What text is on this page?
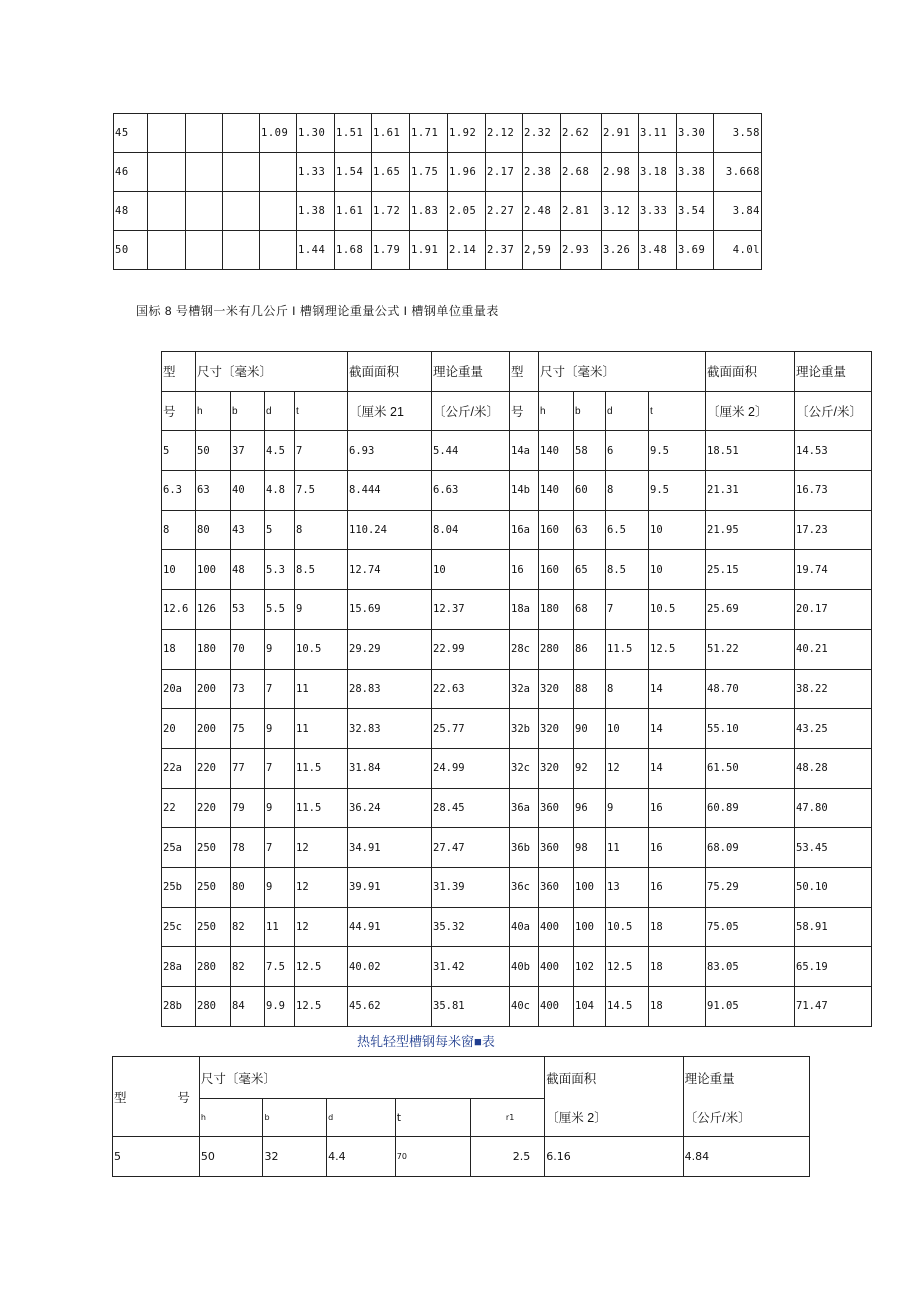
45				1.09	1.30	1.51	1.61	1.71	1.92	2.12	2.32	2.62	2.91	3.11	3.30	3.58
46					1.33	1.54	1.65	1.75	1.96	2.17	2.38	2.68	2.98	3.18	3.38	3.668
48					1.38	1.61	1.72	1.83	2.05	2.27	2.48	2.81	3.12	3.33	3.54	3.84
50					1.44	1.68	1.79	1.91	2.14	2.37	2,59	2.93	3.26	3.48	3.69	4.0l
国标 8 号槽钢一米有几公斤 I 槽钢理论重量公式 I 槽钢单位重量表
型	尺寸〔毫米〕				截面面积	理论重量	型	尺寸〔毫米〕				截面面积	理论重量
号	h	b	d	t	〔厘米 21	〔公斤/米〕	号	h	b	d	t	〔厘米 2〕	〔公斤/米〕
5	50	37	4.5	7	6.93	5.44	14a	140	58	6	9.5	18.51	14.53
6.3	63	40	4.8	7.5	8.444	6.63	14b	140	60	8	9.5	21.31	16.73
8	80	43	5	8	110.24	8.04	16a	160	63	6.5	10	21.95	17.23
10	100	48	5.3	8.5	12.74	10	16	160	65	8.5	10	25.15	19.74
12.6	126	53	5.5	9	15.69	12.37	18a	180	68	7	10.5	25.69	20.17
18	180	70	9	10.5	29.29	22.99	28c	280	86	11.5	12.5	51.22	40.21
20a	200	73	7	11	28.83	22.63	32a	320	88	8	14	48.70	38.22
20	200	75	9	11	32.83	25.77	32b	320	90	10	14	55.10	43.25
22a	220	77	7	11.5	31.84	24.99	32c	320	92	12	14	61.50	48.28
22	220	79	9	11.5	36.24	28.45	36a	360	96	9	16	60.89	47.80
25a	250	78	7	12	34.91	27.47	36b	360	98	11	16	68.09	53.45
25b	250	80	9	12	39.91	31.39	36c	360	100	13	16	75.29	50.10
25c	250	82	11	12	44.91	35.32	40a	400	100	10.5	18	75.05	58.91
28a	280	82	7.5	12.5	40.02	31.42	40b	400	102	12.5	18	83.05	65.19
28b	280	84	9.9	12.5	45.62	35.81	40c	400	104	14.5	18	91.05	71.47
热轧轻型槽钢每米窗■表
型 号	尺寸〔毫米〕					截面面积	理论重量
	h	b	d	t	r1	〔厘米 2〕	〔公斤/米〕
5	50	32	4.4	70	2.5	6.16	4.84
